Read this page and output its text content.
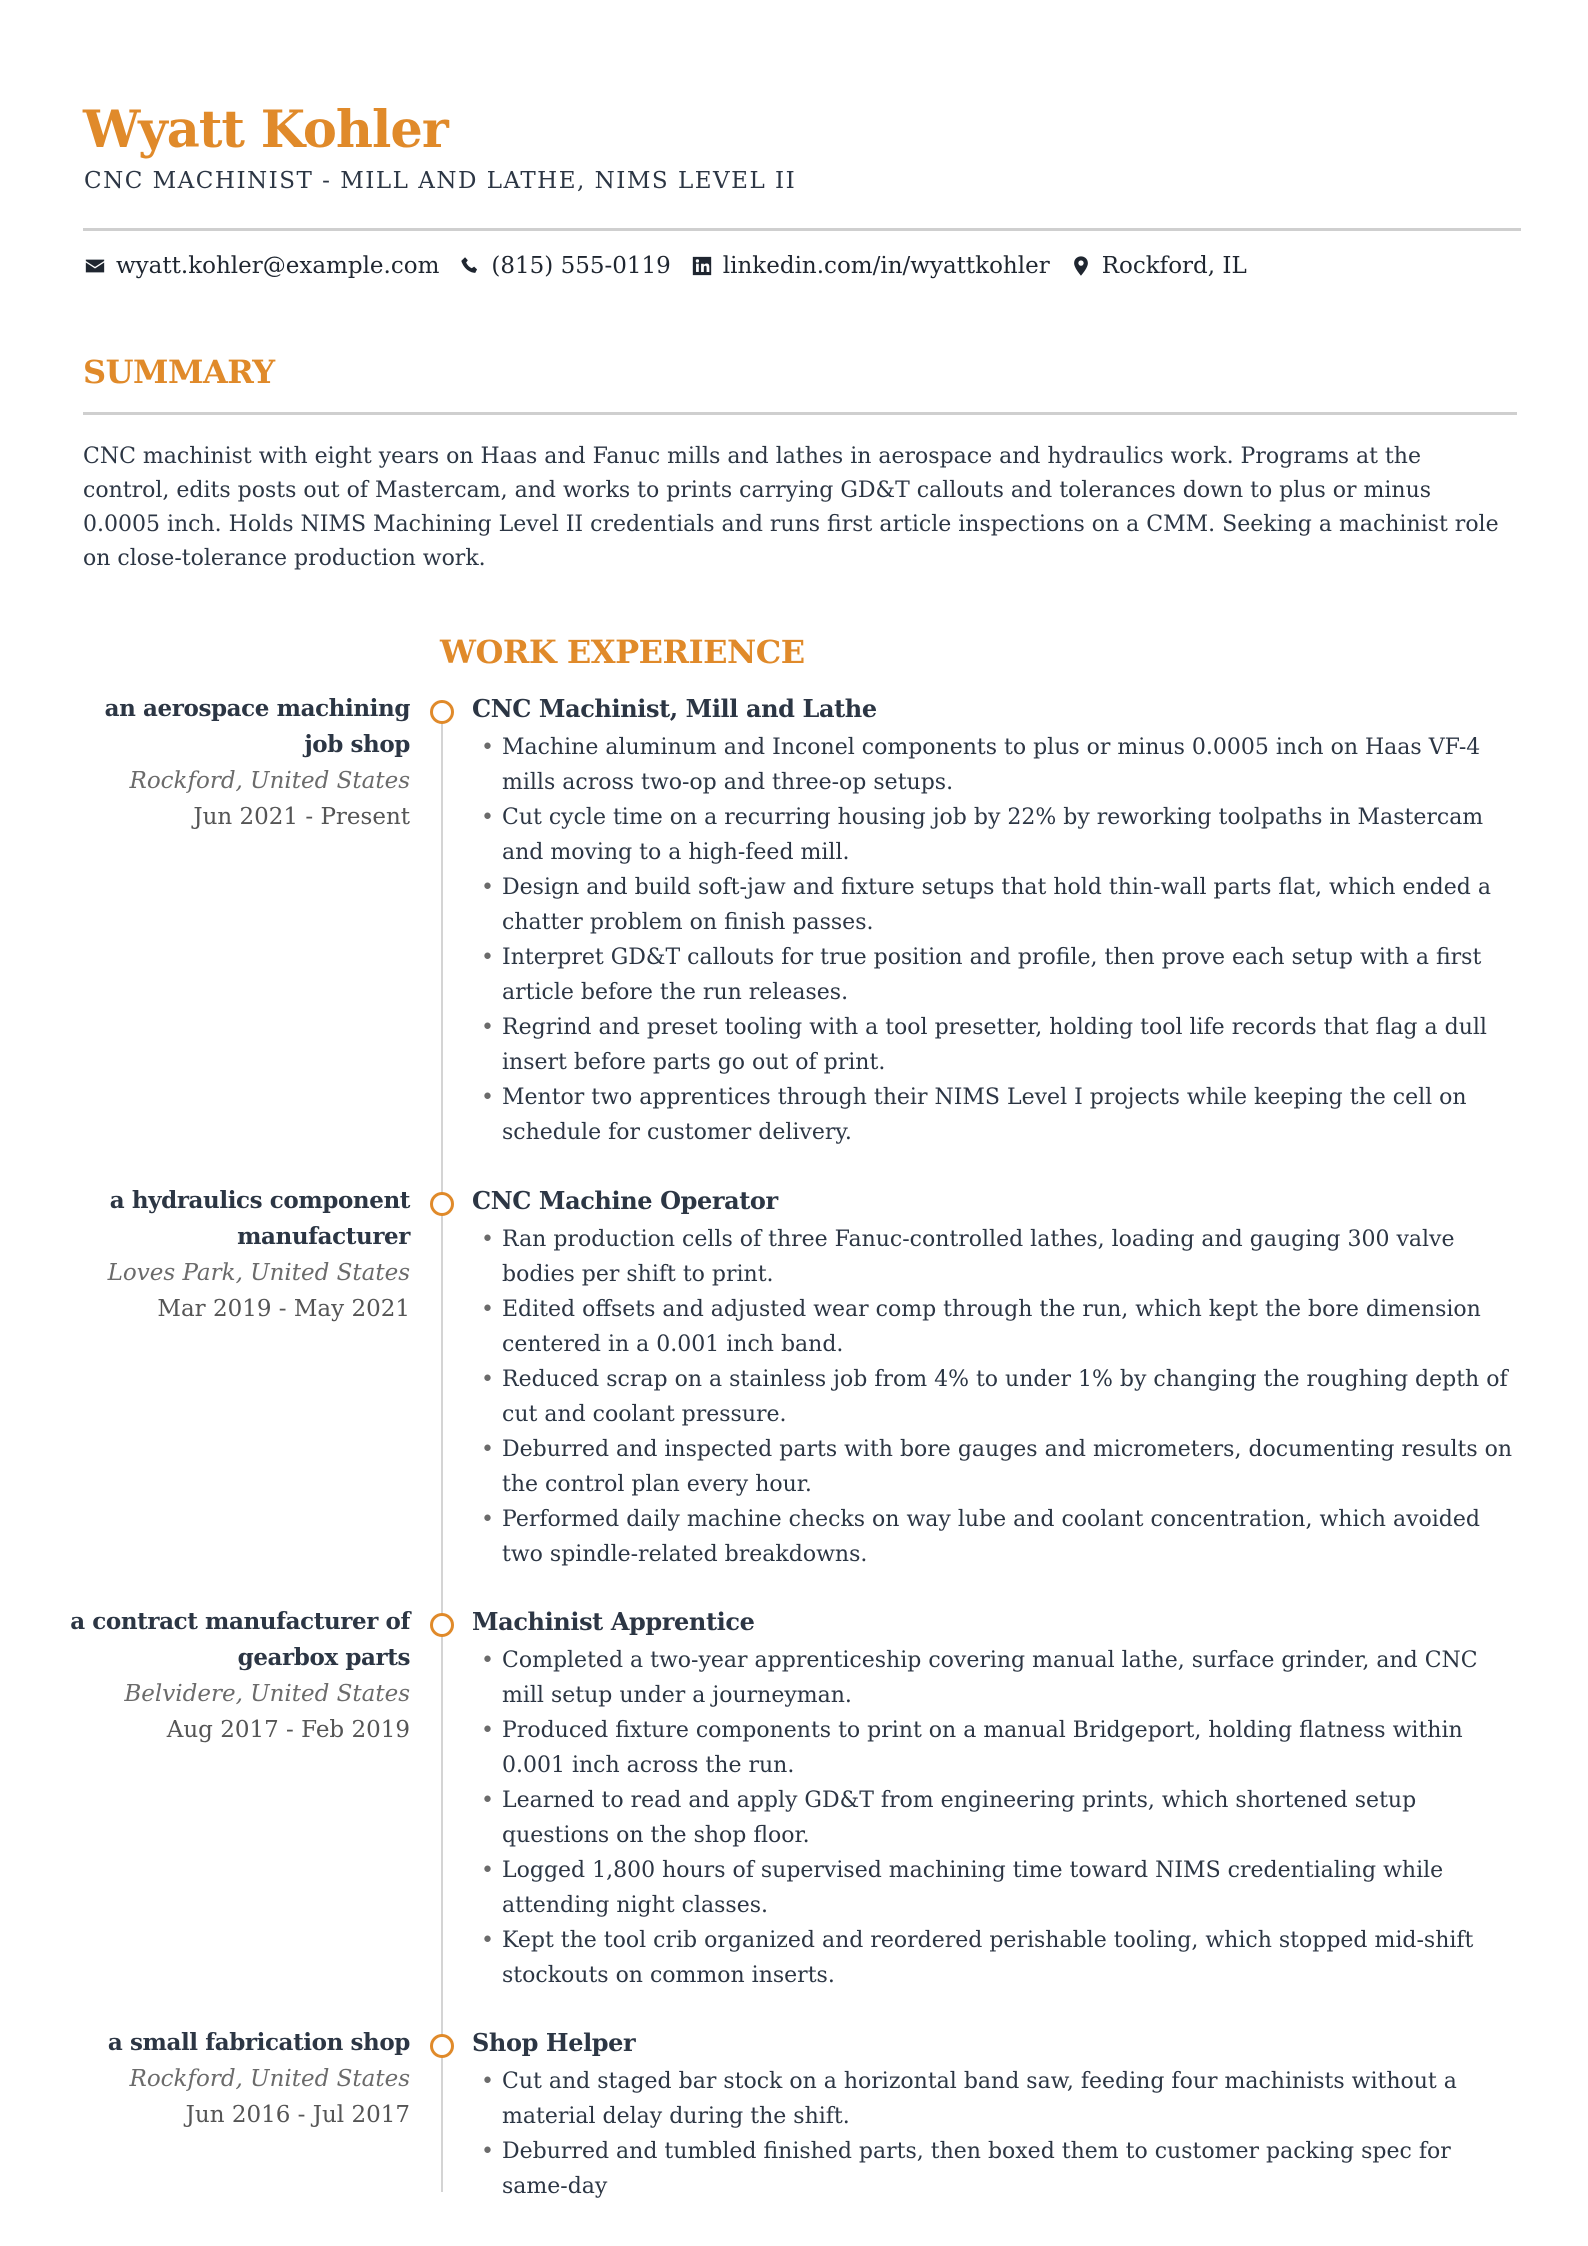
Wyatt Kohler
CNC MACHINIST - MILL AND LATHE, NIMS LEVEL II
wyatt.kohler@example.com (815) 555-0119 linkedin.com/in/wyattkohler Rockford, IL
SUMMARY

CNC machinist with eight years on Haas and Fanuc mills and lathes in aerospace and hydraulics work. Programs at the control, edits posts out of Mastercam, and works to prints carrying GD&T callouts and tolerances down to plus or minus 0.0005 inch. Holds NIMS Machining Level II credentials and runs first article inspections on a CMM. Seeking a machinist role on close-tolerance production work.

WORK EXPERIENCE
an aerospace machining job shop
Rockford, United States
Jun 2021 - Present
CNC Machinist, Mill and Lathe
• Machine aluminum and Inconel components to plus or minus 0.0005 inch on Haas VF-4 mills across two-op and three-op setups.
• Cut cycle time on a recurring housing job by 22% by reworking toolpaths in Mastercam and moving to a high-feed mill.
• Design and build soft-jaw and fixture setups that hold thin-wall parts flat, which ended a chatter problem on finish passes.
• Interpret GD&T callouts for true position and profile, then prove each setup with a first article before the run releases.
• Regrind and preset tooling with a tool presetter, holding tool life records that flag a dull insert before parts go out of print.
• Mentor two apprentices through their NIMS Level I projects while keeping the cell on schedule for customer delivery.
a hydraulics component manufacturer
Loves Park, United States
Mar 2019 - May 2021
CNC Machine Operator
• Ran production cells of three Fanuc-controlled lathes, loading and gauging 300 valve bodies per shift to print.
• Edited offsets and adjusted wear comp through the run, which kept the bore dimension centered in a 0.001 inch band.
• Reduced scrap on a stainless job from 4% to under 1% by changing the roughing depth of cut and coolant pressure.
• Deburred and inspected parts with bore gauges and micrometers, documenting results on the control plan every hour.
• Performed daily machine checks on way lube and coolant concentration, which avoided two spindle-related breakdowns.
a contract manufacturer of gearbox parts
Belvidere, United States
Aug 2017 - Feb 2019
Machinist Apprentice
• Completed a two-year apprenticeship covering manual lathe, surface grinder, and CNC mill setup under a journeyman.
• Produced fixture components to print on a manual Bridgeport, holding flatness within 0.001 inch across the run.
• Learned to read and apply GD&T from engineering prints, which shortened setup questions on the shop floor.
• Logged 1,800 hours of supervised machining time toward NIMS credentialing while attending night classes.
• Kept the tool crib organized and reordered perishable tooling, which stopped mid-shift stockouts on common inserts.
a small fabrication shop
Rockford, United States
Jun 2016 - Jul 2017
Shop Helper
• Cut and staged bar stock on a horizontal band saw, feeding four machinists without a material delay during the shift.
• Deburred and tumbled finished parts, then boxed them to customer packing spec for same-day
